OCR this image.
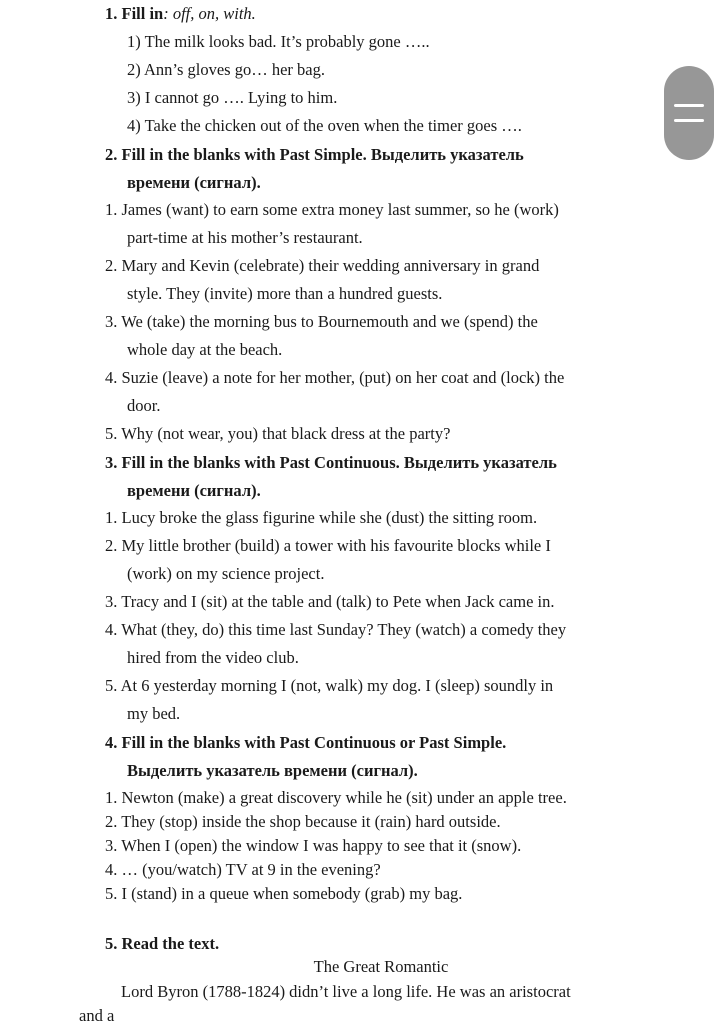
1. Fill in: off, on, with.
1) The milk looks bad. It’s probably gone …..
2) Ann’s gloves go… her bag.
3) I cannot go …. Lying to him.
4) Take the chicken out of the oven when the timer goes ….
2. Fill in the blanks with Past Simple. Выделить указатель
времени (сигнал).
1. James (want) to earn some extra money last summer, so he (work)
part-time at his mother’s restaurant.
2. Mary and Kevin (celebrate) their wedding anniversary in grand
style. They (invite) more than a hundred guests.
3. We (take) the morning bus to Bournemouth and we (spend) the
whole day at the beach.
4. Suzie (leave) a note for her mother, (put) on her coat and (lock) the
door.
5. Why (not wear, you) that black dress at the party?
3. Fill in the blanks with Past Continuous. Выделить указатель
времени (сигнал).
1. Lucy broke the glass figurine while she (dust) the sitting room.
2. My little brother (build) a tower with his favourite blocks while I
(work) on my science project.
3. Tracy and I (sit) at the table and (talk) to Pete when Jack came in.
4. What (they, do) this time last Sunday? They (watch) a comedy they
hired from the video club.
5. At 6 yesterday morning I (not, walk) my dog. I (sleep) soundly in
my bed.
4. Fill in the blanks with Past Continuous or Past Simple.
Выделить указатель времени (сигнал).
1. Newton (make) a great discovery while he (sit) under an apple tree.
2. They (stop) inside the shop because it (rain) hard outside.
3. When I (open) the window I was happy to see that it (snow).
4. … (you/watch) TV at 9 in the evening?
5. I (stand) in a queue when somebody (grab) my bag.
5. Read the text.
The Great Romantic
Lord Byron (1788-1824) didn’t live a long life. He was an aristocrat
and a
